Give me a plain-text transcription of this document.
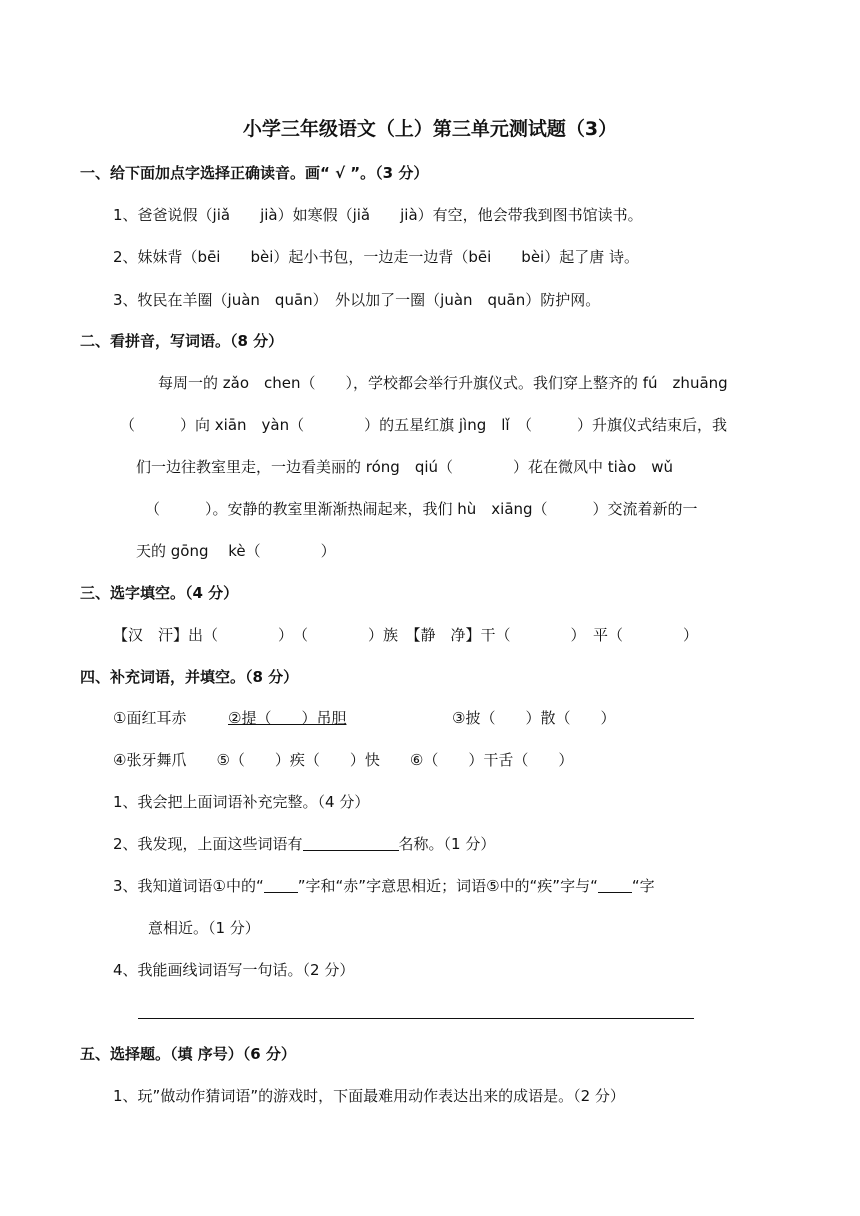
小学三年级语文（上）第三单元测试题（3）
一、给下面加点字选择正确读音。画“ √ ”。（3 分）
1、爸爸说假（jiǎ　　jià）如寒假（jiǎ　　jià）有空，他会带我到图书馆读书。
2、妹妹背（bēi　　bèi）起小书包，一边走一边背（bēi　　bèi）起了唐 诗。
3、牧民在羊圈（juàn　quān）　外以加了一圈（juàn　quān）防护网。
二、看拼音，写词语。（8 分）
每周一的 zǎo　chen（　　），学校都会举行升旗仪式。我们穿上整齐的 fú　zhuāng
（　　　）向 xiān　yàn（　　　　）的五星红旗 jìng　lǐ　（　　　）升旗仪式结束后，我
们一边往教室里走，一边看美丽的 róng　qiú（　　　　）花在微风中 tiào　wǔ
（　　　）。安静的教室里渐渐热闹起来，我们 hù　xiāng（　　　）交流着新的一
天的 gōng　 kè（　　　　）
三、选字填空。（4 分）
【汉　汗】出（　　　　）　（　　　　）族　【静　净】干（　　　　）　平（　　　　）
四、补充词语，并填空。（8 分）
①面红耳赤	②提（　　）吊胆	③披（　　）散（　　）
④张牙舞爪　　⑤（　　）疾（　　）快　　⑥（　　）干舌（　　）
1、我会把上面词语补充完整。（4 分）
2、我发现，上面这些词语有	名称。（1 分）
3、我知道词语①中的“ ”字和“赤”字意思相近；词语⑤中的“疾”字与“ “字
意相近。（1 分）
4、我能画线词语写一句话。（2 分）
五、选择题。（填 序号）（6 分）
1、玩”做动作猜词语”的游戏时，下面最难用动作表达出来的成语是。（2 分）
